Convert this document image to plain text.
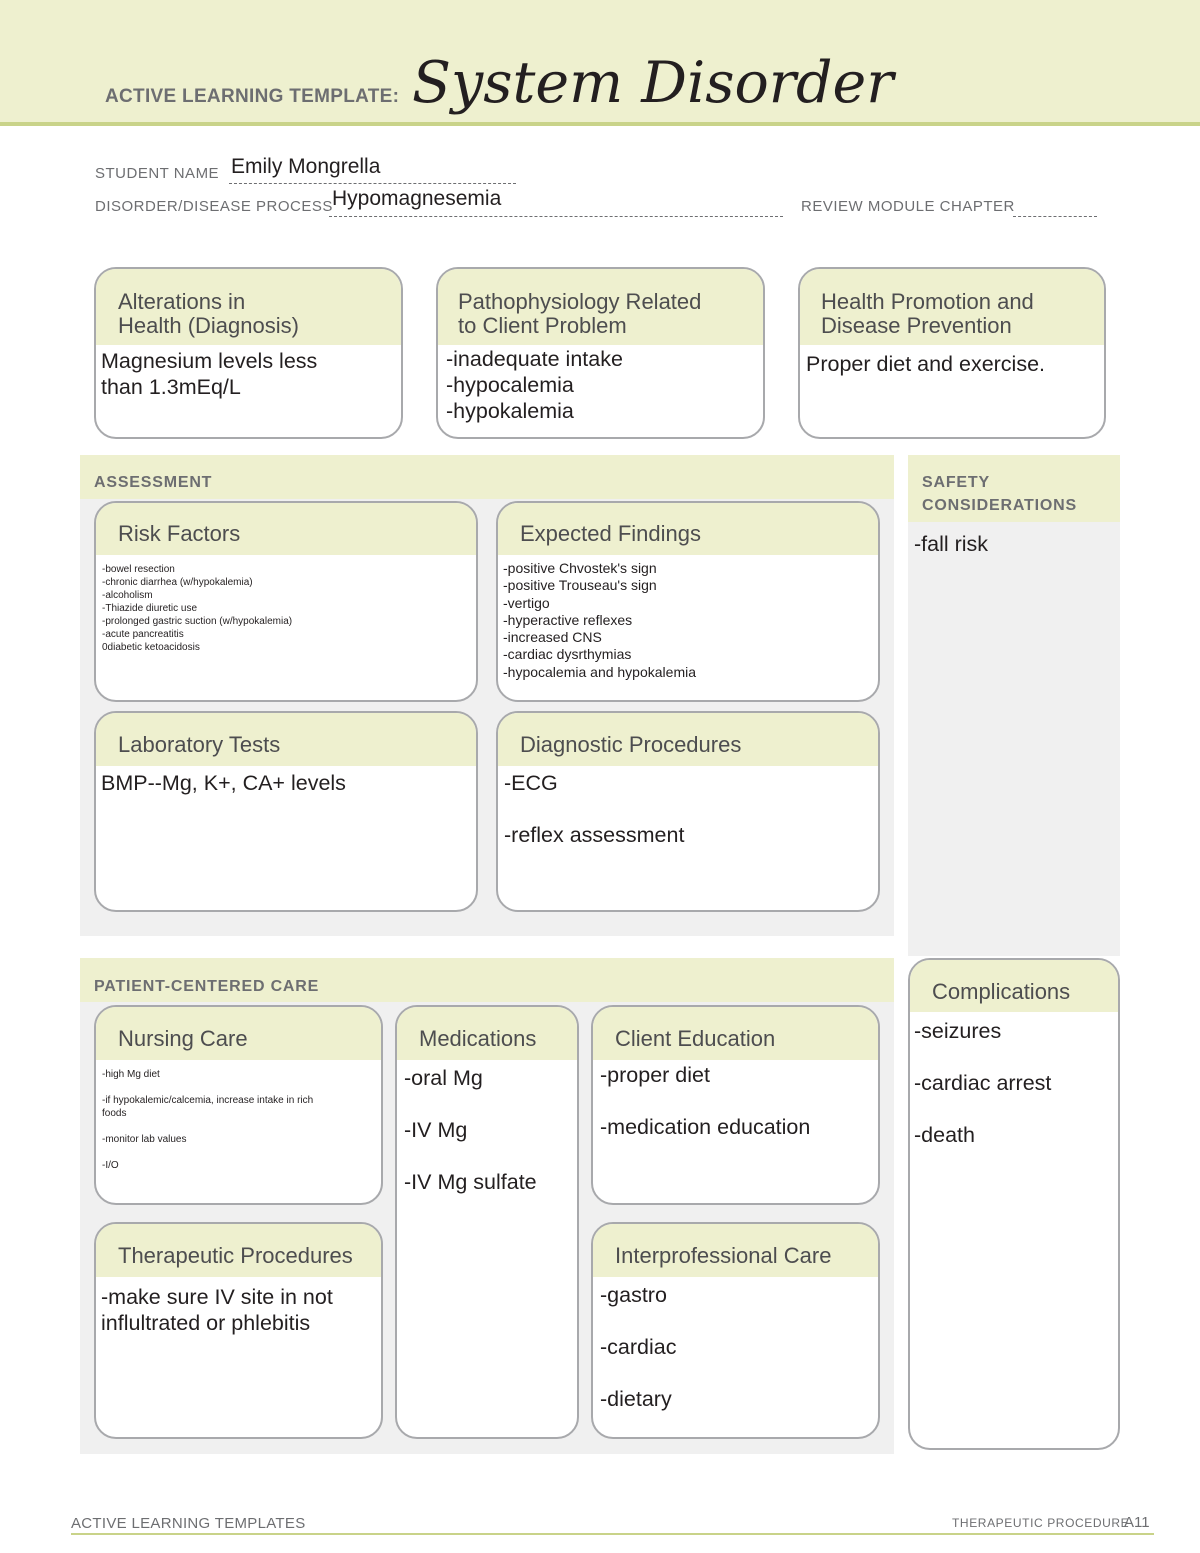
ACTIVE LEARNING TEMPLATE: System Disorder
STUDENT NAME Emily Mongrella
DISORDER/DISEASE PROCESS Hypomagnesemia	REVIEW MODULE CHAPTER
Alterations in
Health (Diagnosis)
Magnesium levels less
than 1.3mEq/L
Pathophysiology Related
to Client Problem
-inadequate intake
-hypocalemia
-hypokalemia
Health Promotion and
Disease Prevention
Proper diet and exercise.
ASSESSMENT
Risk Factors
-bowel resection
-chronic diarrhea (w/hypokalemia)
-alcoholism
-Thiazide diuretic use
-prolonged gastric suction (w/hypokalemia)
-acute pancreatitis
0diabetic ketoacidosis
Expected Findings
-positive Chvostek's sign
-positive Trouseau's sign
-vertigo
-hyperactive reflexes
-increased CNS
-cardiac dysrthymias
-hypocalemia and hypokalemia
Laboratory Tests
BMP--Mg, K+, CA+ levels
Diagnostic Procedures
-ECG

-reflex assessment
SAFETY
CONSIDERATIONS
-fall risk
PATIENT-CENTERED CARE
Nursing Care
-high Mg diet

-if hypokalemic/calcemia, increase intake in rich
foods

-monitor lab values

-I/O
Medications
-oral Mg

-IV Mg

-IV Mg sulfate
Client Education
-proper diet

-medication education
Therapeutic Procedures
-make sure IV site in not
influltrated or phlebitis
Interprofessional Care
-gastro

-cardiac

-dietary
Complications
-seizures

-cardiac arrest

-death
ACTIVE LEARNING TEMPLATES	THERAPEUTIC PROCEDURE
A11
